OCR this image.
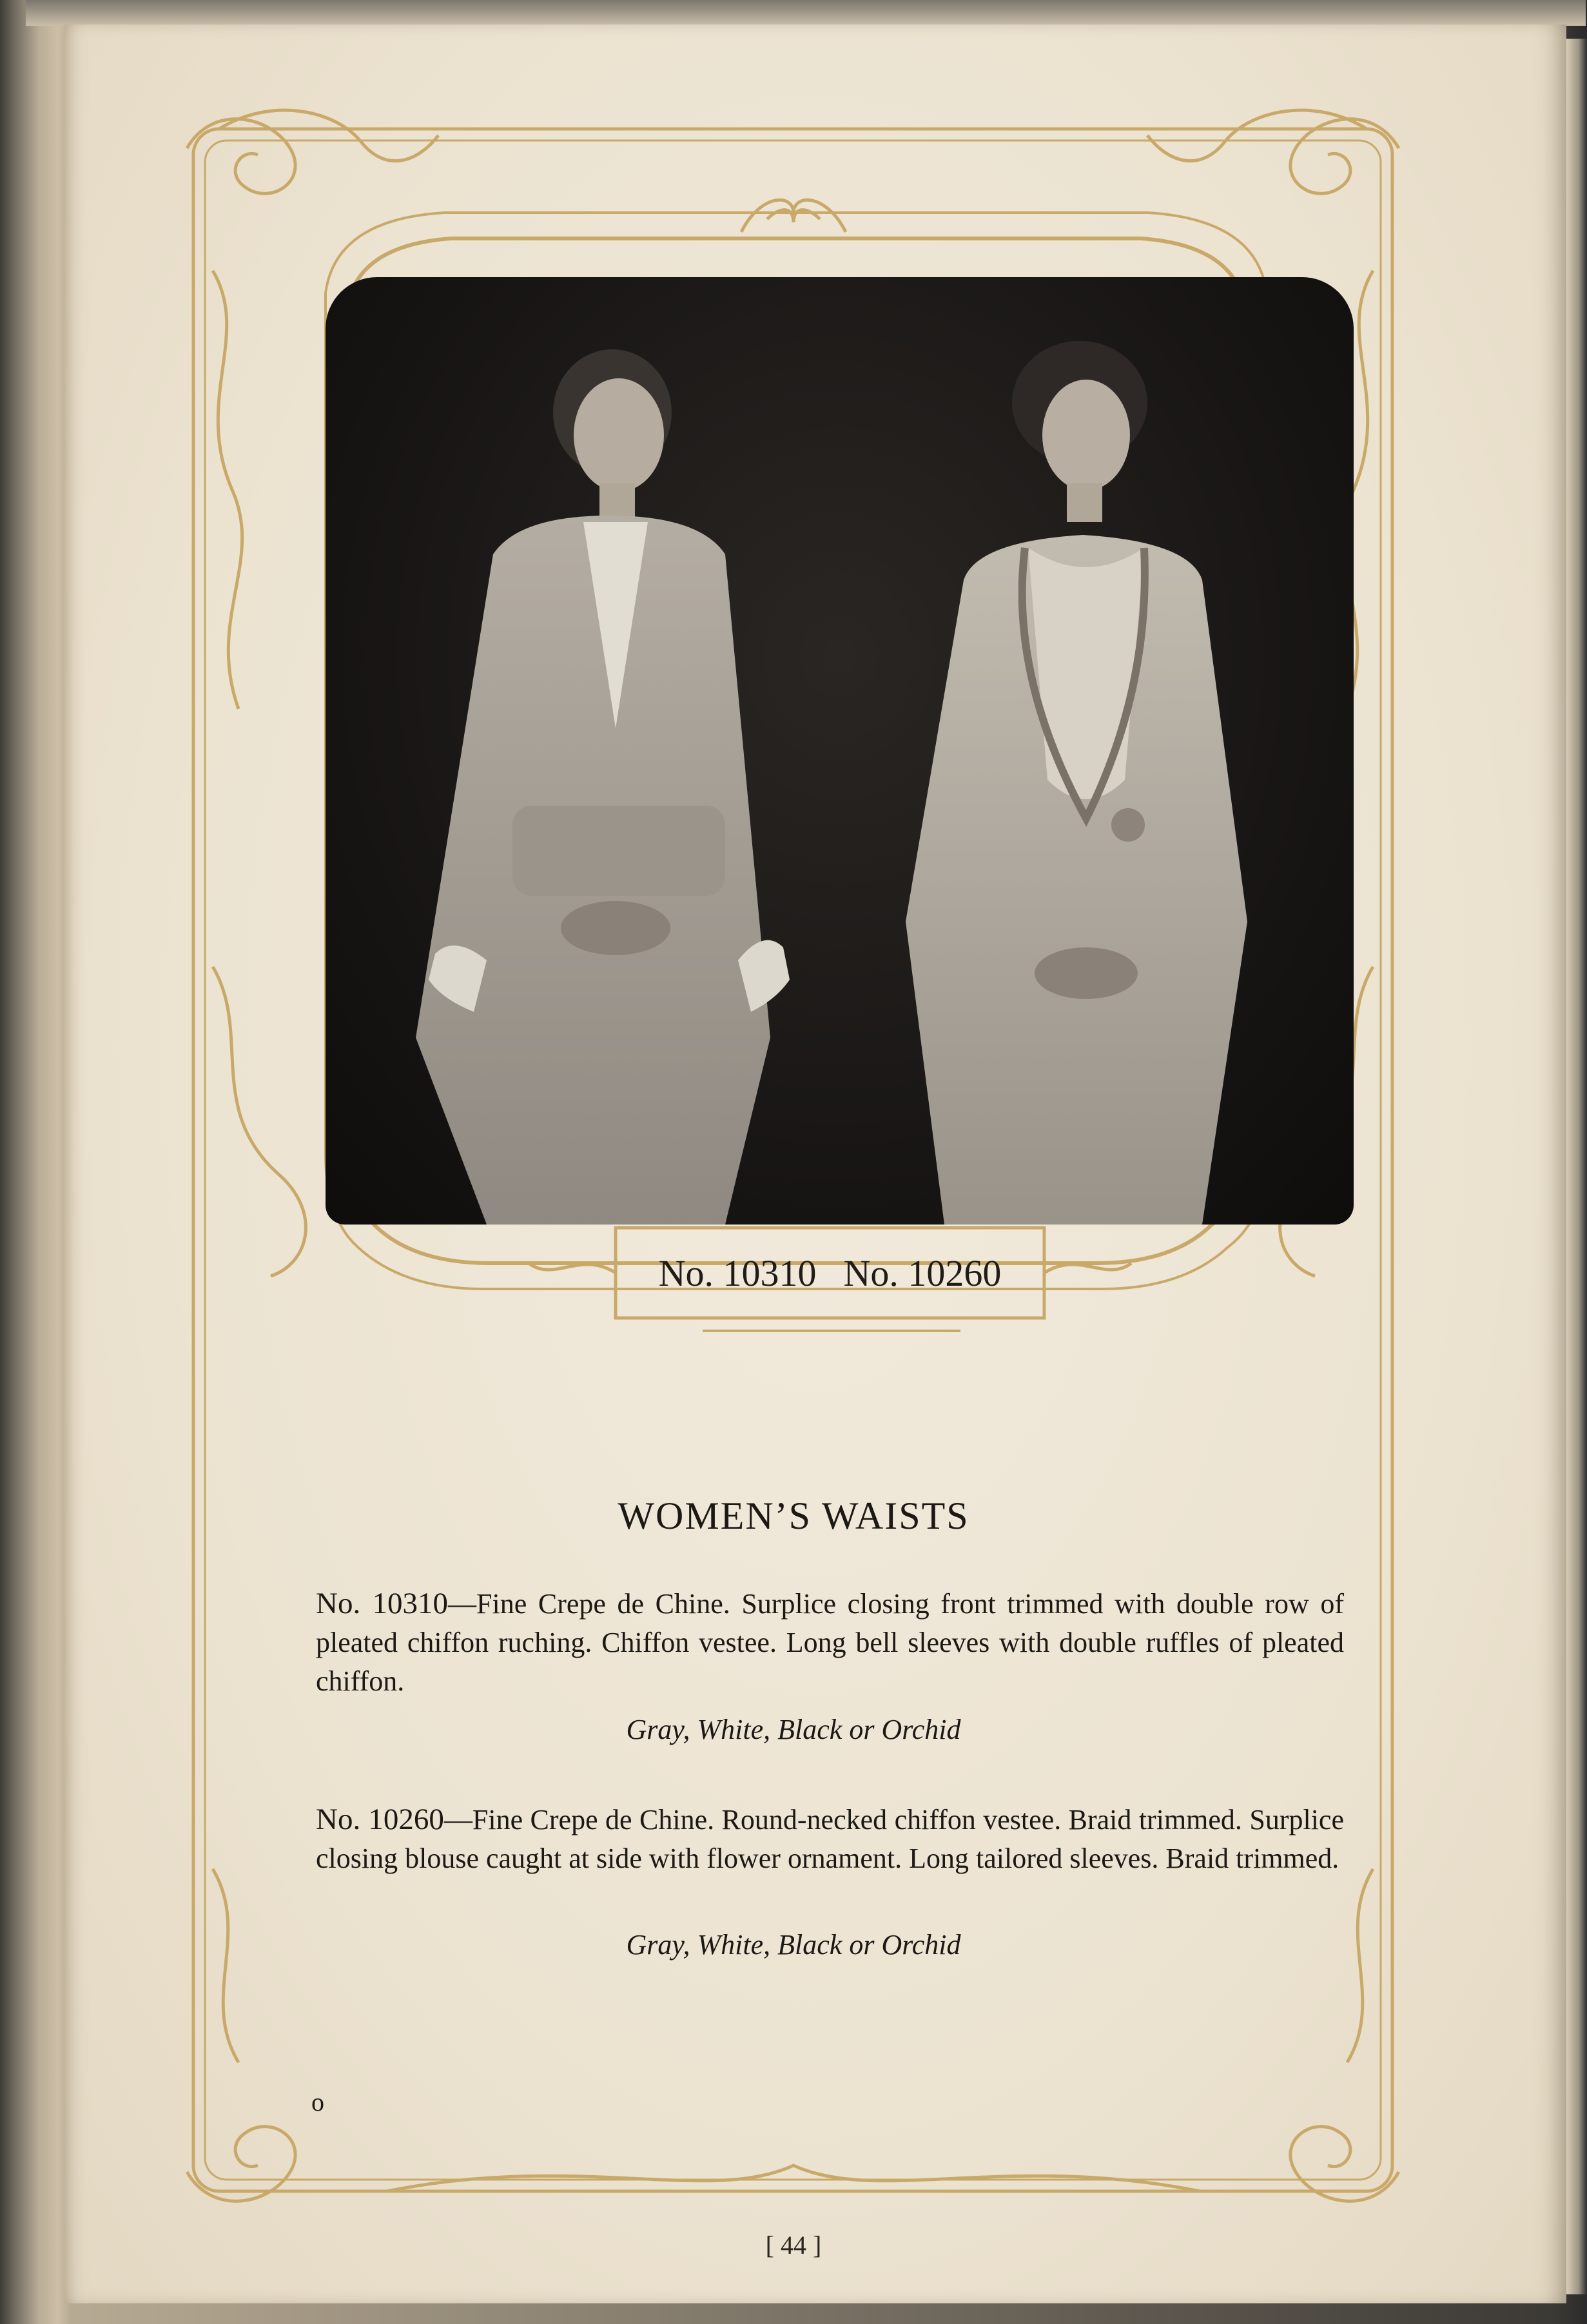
No. 10310 No. 10260
WOMEN’S WAISTS
No. 10310—Fine Crepe de Chine. Surplice closing front trimmed with double row of pleated chiffon ruching. Chiffon vestee. Long bell sleeves with double ruffles of pleated chiffon.
Gray, White, Black or Orchid
No. 10260—Fine Crepe de Chine. Round-necked chiffon vestee. Braid trimmed. Surplice closing blouse caught at side with flower ornament. Long tailored sleeves. Braid trimmed.
Gray, White, Black or Orchid
o
[ 44 ]
